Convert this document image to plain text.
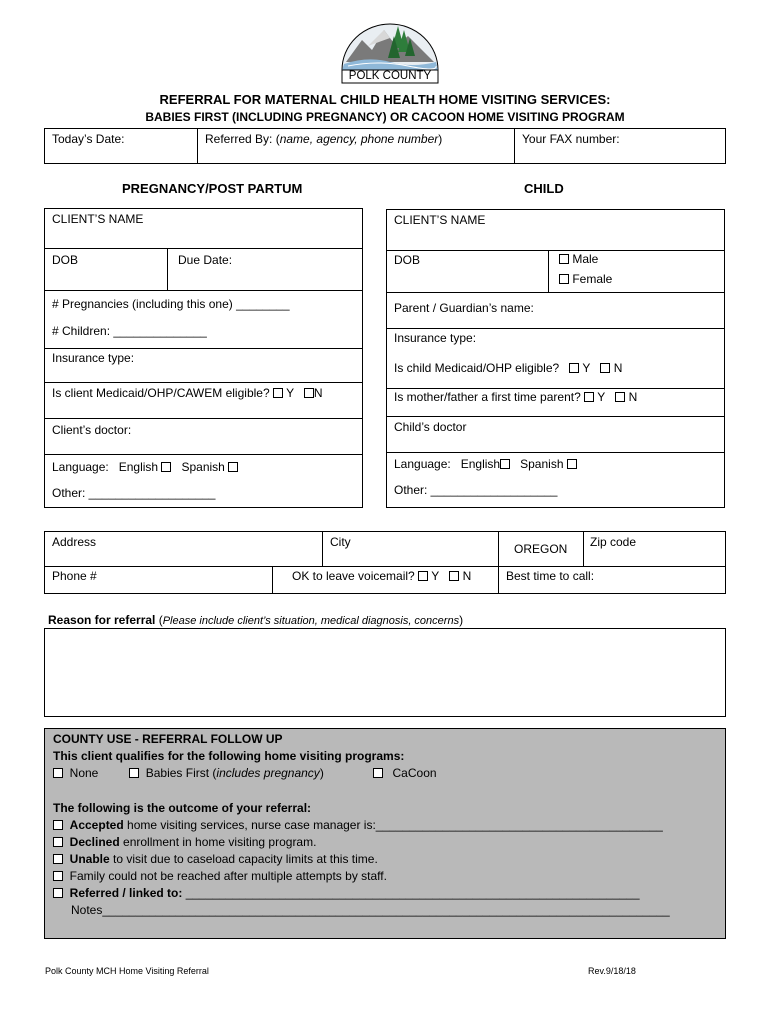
POLK COUNTY
REFERRAL FOR MATERNAL CHILD HEALTH HOME VISITING SERVICES:
BABIES FIRST (INCLUDING PREGNANCY) OR CACOON HOME VISITING PROGRAM
Today’s Date:	Referred By: (name, agency, phone number)	Your FAX number:
PREGNANCY/POST PARTUM	CHILD
CLIENT’S NAME
DOB	Due Date:
# Pregnancies (including this one) ________
# Children: ______________
Insurance type:
Is client Medicaid/OHP/CAWEM eligible? Y N
Client’s doctor:
Language: English Spanish
Other: ___________________
CLIENT’S NAME
DOB	Male
Female
Parent / Guardian’s name:
Insurance type:
Is child Medicaid/OHP eligible? Y N
Is mother/father a first time parent? Y N
Child’s doctor
Language: English Spanish
Other: ___________________
Address	City	OREGON Zip code
Phone #	OK to leave voicemail? Y N	Best time to call:
Reason for referral (Please include client’s situation, medical diagnosis, concerns)
COUNTY USE - REFERRAL FOLLOW UP
This client qualifies for the following home visiting programs:
None	Babies First (includes pregnancy)	CaCoon
The following is the outcome of your referral:
Accepted home visiting services, nurse case manager is:___________________________________________
Declined enrollment in home visiting program.
Unable to visit due to caseload capacity limits at this time.
Family could not be reached after multiple attempts by staff.
Referred / linked to: ____________________________________________________________________
Notes_____________________________________________________________________________________
Polk County MCH Home Visiting Referral	Rev.9/18/18
